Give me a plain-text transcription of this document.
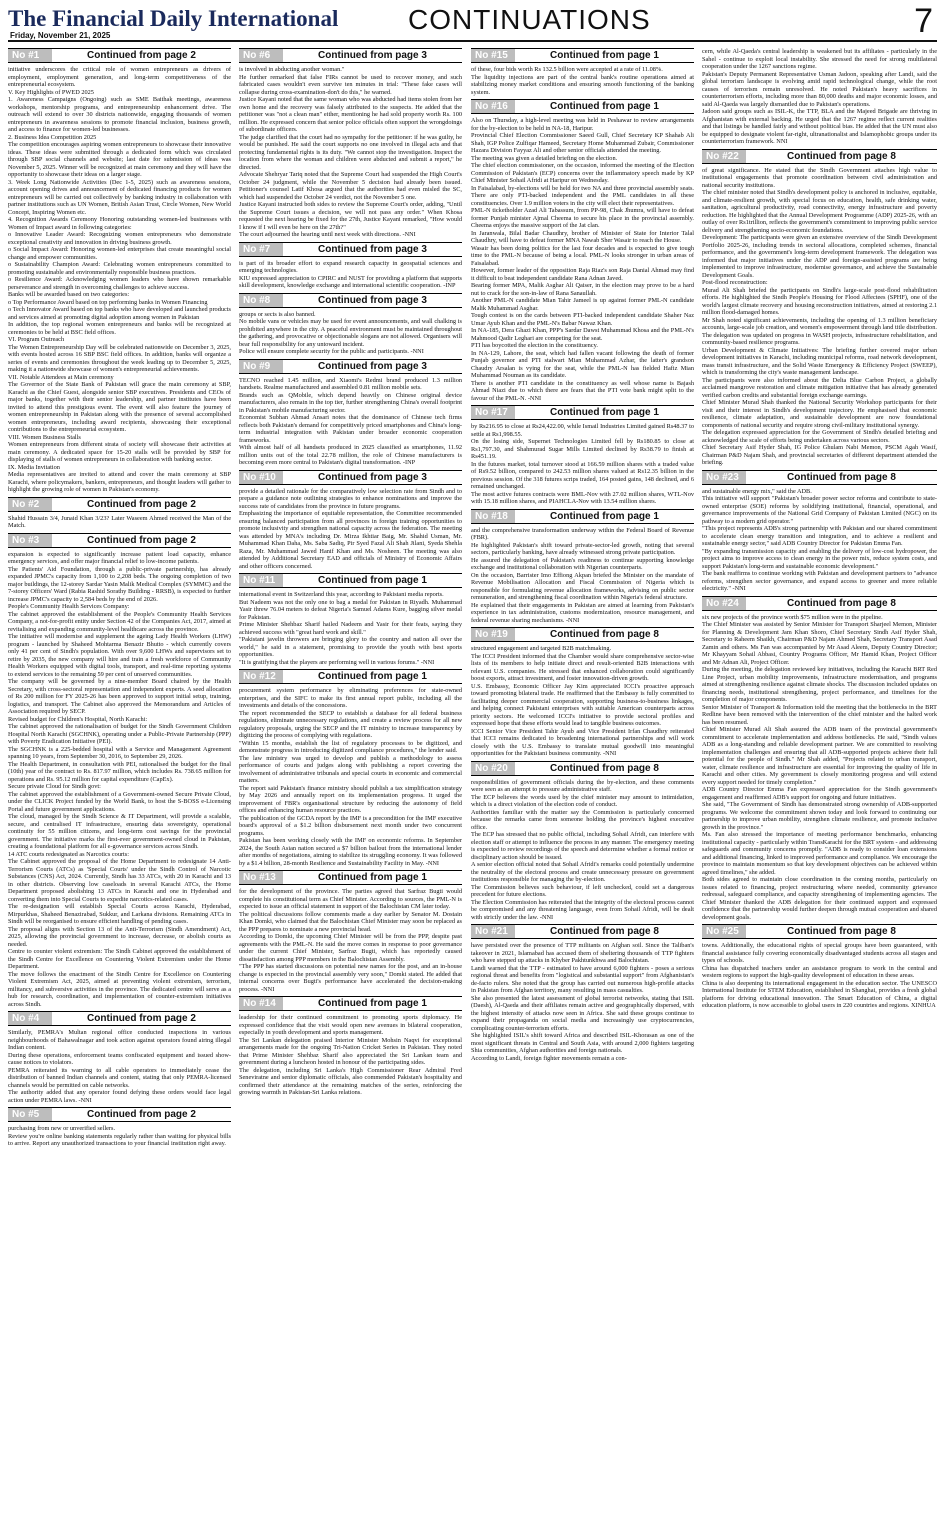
The Financial Daily International
Friday, November 21, 2025
CONTINUATIONS	7
No #1	Continued from page 2

initiative underscores the critical role of women entrepreneurs as drivers of employment, employment generation, and long-term competitiveness of the entrepreneurial ecosystem.

V. Key Highlights of PWED 2025

1. Awareness Campaigns (Ongoing) such as SME Baithak meetings, awareness workshops, mentorship programs, and entrepreneurship enhancement drive. The outreach will extend to over 30 districts nationwide, engaging thousands of women entrepreneurs in awareness sessions to promote financial inclusion, business growth, and access to finance for women-led businesses.

2. Business Idea Competition 2025

The competition encourages aspiring women entrepreneurs to showcase their innovative ideas. These ideas were submitted through a dedicated form which was circulated through SBP social channels and website; last date for submission of ideas was November 5, 2025. Winner will be recognized at main ceremony and they will have the opportunity to showcase their ideas on a larger stage.

3. Week Long Nationwide Activities (Dec 1-5, 2025) such as awareness sessions, account opening drives and announcement of dedicated financing products for women entrepreneurs will be carried out collectively by banking industry in collaboration with partner institutions such as UN Women, British Asian Trust, Circle Women, New World Concept, Inspiring Women etc.

4. Recognition Awards Ceremony Honoring outstanding women-led businesses with Women of Impact award in following categories:

o Innovative Leader Award: Recognizing women entrepreneurs who demonstrate exceptional creativity and innovation in driving business growth.

o Social Impact Award: Honoring women-led enterprises that create meaningful social change and empower communities.

o Sustainability Champion Award: Celebrating women entrepreneurs committed to promoting sustainable and environmentally responsible business practices.

o Resilience Award: Acknowledging women leaders who have shown remarkable perseverance and strength in overcoming challenges to achieve success.

Banks will be awarded based on two categories:

o Top Performance Award based on top performing banks in Women Financing

o Tech Innovator Award based on top banks who have developed and launched products and services aimed at promoting digital adoption among women in Pakistan

In addition, the top regional women entrepreneurs and banks will be recognized at ceremonies to be held at BSC field offices.

VI. Program Outreach

The Women Entrepreneurship Day will be celebrated nationwide on December 3, 2025, with events hosted across 16 SBP BSC field offices. In addition, banks will organize a series of events and ceremonies throughout the week leading up to December 5, 2025, making it a nationwide showcase of women's entrepreneurial achievements.

VII. Notable Attendees at Main ceremony

The Governor of the State Bank of Pakistan will grace the main ceremony at SBP, Karachi as the Chief Guest, alongside senior SBP executives. Presidents and CEOs of major banks, together with their senior leadership, and partner institutes have been invited to attend this prestigious event. The event will also feature the journey of women entrepreneurship in Pakistan along with the presence of several accomplished women entrepreneurs, including award recipients, showcasing their exceptional contributions to the entrepreneurial ecosystem.

VIII. Women Business Stalls

Women entrepreneurs from different strata of society will showcase their activities at main ceremony. A dedicated space for 15-20 stalls will be provided by SBP for displaying of stalls of women entrepreneurs in collaboration with banking sector.

IX. Media Invitation

Media representatives are invited to attend and cover the main ceremony at SBP Karachi, where policymakers, bankers, entrepreneurs, and thought leaders will gather to highlight the growing role of women in Pakistan's economy.

No #2	Continued from page 2

Shahid Hussain 3/4, Junaid Khan 3/23? Later Waseem Ahmed received the Man of the Match.

No #3	Continued from page 2

expansion is expected to significantly increase patient load capacity, enhance emergency services, and offer major financial relief to low-income patients.

The Patients' Aid Foundation, through a public-private partnership, has already expanded JPMC's capacity from 1,100 to 2,208 beds. The ongoing completion of two major buildings, the 12-storey Sardar Yasin Malik Medical Complex (SYMMC) and the 7-storey Officers' Ward (Rabia Rashid Sorathy Building - RRSB), is expected to further increase JPMC's capacity to 2,584 beds by the end of 2026.

People's Community Health Services Company:

The cabinet approved the establishment of the People's Community Health Services Company, a not-for-profit entity under Section 42 of the Companies Act, 2017, aimed at revitalising and expanding community-level healthcare across the province.

The initiative will modernise and supplement the ageing Lady Health Workers (LHW) program - launched by Shaheed Mohtarma Benazir Bhutto - which currently covers only 41 per cent of Sindh's population. With over 9,600 LHWs and supervisors set to retire by 2035, the new company will hire and train a fresh workforce of Community Health Workers equipped with digital tools, transport, and real-time reporting systems to extend services to the remaining 59 per cent of unserved communities.

The company will be governed by a nine-member Board chaired by the Health Secretary, with cross-sectoral representation and independent experts. A seed allocation of Rs 200 million for FY 2025-26 has been approved to support initial setup, training, logistics, and transport. The Cabinet also approved the Memorandum and Articles of Association required by SECP.

Revised budget for Children's Hospital, North Karachi:

The cabinet approved the rationalisation of budget for the Sindh Government Children Hospital North Karachi (SGCHNK), operating under a Public-Private Partnership (PPP) with Poverty Eradication Initiative (PEI).

The SGCHNK is a 225-bedded hospital with a Service and Management Agreement spanning 10 years, from September 30, 2016, to September 29, 2026.

The Health Department, in consultation with PEI, rationalised the budget for the final (10th) year of the contract to Rs. 817.97 million, which includes Rs. 738.65 million for operations and Rs. 95.12 million for capital expenditure (CapEx).

Secure private Cloud for Sindh govt:

The cabinet approved the establishment of a Government-owned Secure Private Cloud, under the CLICK Project funded by the World Bank, to host the S-BOSS e-Licensing Portal and future government applications.

The cloud, managed by the Sindh Science & IT Department, will provide a scalable, secure, and centralised IT infrastructure, ensuring data sovereignty, operational continuity for 55 million citizens, and long-term cost savings for the provincial government. The initiative marks the first-ever government-owned cloud in Pakistan, creating a foundational platform for all e-governance services across Sindh.

14 ATC courts redesignated as Narcotics courts:

The Cabinet approved the proposal of the Home Department to redesignate 14 Anti-Terrorism Courts (ATCs) as 'Special Courts' under the Sindh Control of Narcotic Substances (CNS) Act, 2024. Currently, Sindh has 33 ATCs, with 20 in Karachi and 13 in other districts. Observing low caseloads in several Karachi ATCs, the Home Department proposed abolishing 13 ATCs in Karachi and one in Hyderabad and converting them into Special Courts to expedite narcotics-related cases.

The re-designation will establish Special Courts across Karachi, Hyderabad, Mirpurkhas, Shaheed Benazirabad, Sukkur, and Larkana divisions. Remaining ATCs in Sindh will be reorganised to ensure efficient handling of pending cases.

The proposal aligns with Section 13 of the Anti-Terrorism (Sindh Amendment) Act, 2025, allowing the provincial government to increase, decrease, or abolish courts as needed.

Centre to counter violent extremism: The Sindh Cabinet approved the establishment of the Sindh Centre for Excellence on Countering Violent Extremism under the Home Department.

The move follows the enactment of the Sindh Centre for Excellence on Countering Violent Extremism Act, 2025, aimed at preventing violent extremism, terrorism, militancy, and subversive activities in the province. The dedicated centre will serve as a hub for research, coordination, and implementation of counter-extremism initiatives across Sindh.

No #4	Continued from page 2

Similarly, PEMRA's Multan regional office conducted inspections in various neighbourhoods of Bahawalnagar and took action against operators found airing illegal Indian content.

During these operations, enforcement teams confiscated equipment and issued show-cause notices to violators.

PEMRA reiterated its warning to all cable operators to immediately cease the distribution of banned Indian channels and content, stating that only PEMRA-licensed channels would be permitted on cable networks.

The authority added that any operator found defying these orders would face legal action under PEMRA laws. -NNI

No #5	Continued from page 2

purchasing from new or unverified sellers.

Review you're online banking statements regularly rather than waiting for physical bills to arrive. Report any unauthorized transactions to your financial institution right away.

No #6	Continued from page 3

is involved in abducting another woman."

He further remarked that false FIRs cannot be used to recover money, and such fabricated cases wouldn't even survive ten minutes in trial: "These fake cases will collapse during cross-examination-don't do this," he warned.

Justice Kayani noted that the same woman who was abducted had items stolen from her own home and the recovery was falsely attributed to the suspects. He added that the petitioner was "not a clean man" either, mentioning he had sold property worth Rs. 100 million. He expressed concern that senior police officials often support the wrongdoings of subordinate officers.

The judge clarified that the court had no sympathy for the petitioner: if he was guilty, he would be punished. He said the court supports no one involved in illegal acts and that protecting fundamental rights is its duty. "We cannot stop the investigation. Inspect the location from where the woman and children were abducted and submit a report," he directed.

Advocate Shehryar Tariq noted that the Supreme Court had suspended the High Court's October 24 judgment, while the November 5 decision had already been issued. Petitioner's counsel Latif Khosa argued that the authorities had even misled the SC, which had suspended the October 24 verdict, not the November 5 one.

Justice Kayani instructed both sides to review the Supreme Court's order, adding, "Until the Supreme Court issues a decision, we will not pass any order." When Khosa requested the next hearing be fixed for the 27th, Justice Kayani remarked, "How would I know if I will even be here on the 27th?"

The court adjourned the hearing until next week with directions. -NNI

No #7	Continued from page 3

is part of its broader effort to expand research capacity in geospatial sciences and emerging technologies.

KIU expressed appreciation to CPIRC and NUST for providing a platform that supports skill development, knowledge exchange and international scientific cooperation. -INP

No #8	Continued from page 3

groups or sects is also banned.

No mobile vans or vehicles may be used for event announcements, and wall chalking is prohibited anywhere in the city. A peaceful environment must be maintained throughout the gathering, and provocative or objectionable slogans are not allowed. Organisers will bear full responsibility for any untoward incident.

Police will ensure complete security for the public and participants. -NNI

No #9	Continued from page 3

TECNO reached 1.45 million, and Xiaomi's Redmi brand produced 1.3 million handsets. Realme manufactured and assembled 0.81 million mobile sets.

Brands such as QMobile, which depend heavily on Chinese original device manufacturers, also remain in the top tier, further strengthening China's overall footprint in Pakistan's mobile manufacturing sector.

Economist Subhan Ahmad Ansari notes that the dominance of Chinese tech firms reflects both Pakistan's demand for competitively priced smartphones and China's long-term industrial integration with Pakistan under broader economic cooperation frameworks.

With almost half of all handsets produced in 2025 classified as smartphones, 11.92 million units out of the total 22.78 million, the role of Chinese manufacturers is becoming even more central to Pakistan's digital transformation. -INP

No #10	Continued from page 3

provide a detailed rationale for the comparatively low selection rate from Sindh and to prepare a guidance note outlining strategies to enhance nominations and improve the success rate of candidates from the province in future programs.

Emphasizing the importance of equitable representation, the Committee recommended ensuring balanced participation from all provinces in foreign training opportunities to promote inclusivity and strengthen national capacity across the federation. The meeting was attended by MNA's including Dr. Mirza Ikhtiar Baig, Mr. Shahid Usman, Mr. Muhammad Khan Daha, Ms. Saba Sadiq, Pir Syed Fazal Ali Shah Jilani, Syeda Shehla Raza, Mr. Muhammad Jawed Hanif Khan and Ms. Nosheen. The meeting was also attended by Additional Secretary EAD and officials of Ministry of Economic Affairs and other officers concerned.

No #11	Continued from page 1

international event in Switzerland this year, according to Pakistani media reports.

But Nadeem was not the only one to bag a medal for Pakistan in Riyadh. Muhammad Yasir threw 76.04 meters to defeat Nigeria's Samuel Adams Kure, bagging silver medal for Pakistan.

Prime Minister Shehbaz Sharif hailed Nadeem and Yasir for their feats, saying they achieved success with "great hard work and skill."

"Pakistani javelin throwers are bringing glory to the country and nation all over the world," he said in a statement, promising to provide the youth with best sports opportunities.

"It is gratifying that the players are performing well in various forums." -NNI

No #12	Continued from page 1

procurement system performance by eliminating preferences for state-owned enterprises, and the SIFC to make its first annual report public, including all the investments and details of the concessions.

The report recommended the SECP to establish a database for all federal business regulations, eliminate unnecessary regulations, and create a review process for all new regulatory proposals, urging the SECP and the IT ministry to increase transparency by digitizing the process of complying with regulations.

"Within 15 months, establish the list of regulatory processes to be digitized, and demonstrate progress in introducing digitized compliance procedures," the lender said.

The law ministry was urged to develop and publish a methodology to assess performance of courts and judges along with publishing a report covering the involvement of administrative tribunals and special courts in economic and commercial matters.

The report said Pakistan's finance ministry should publish a tax simplification strategy by May 2026 and annually report on its implementation progress. It urged the improvement of FBR's organisational structure by reducing the autonomy of field offices and enhancing human resource practices.

The publication of the GCDA report by the IMF is a precondition for the IMF executive board's approval of a $1.2 billion disbursement next month under two concurrent programs.

Pakistan has been working closely with the IMF on economic reforms. In September 2024, the South Asian nation secured a $7 billion bailout from the international lender after months of negotiations, aiming to stabilize its struggling economy. It was followed by a $1.4 billion, 28-month Resilience and Sustainability Facility in May. -NNI

No #13	Continued from page 1

for the development of the province. The parties agreed that Sarfraz Bugti would complete his constitutional term as Chief Minister. According to sources, the PML-N is expected to issue an official statement in support of the Balochistan CM later today.

The political discussions follow comments made a day earlier by Senator M. Dostain Khan Domki, who claimed that the Balochistan Chief Minister may soon be replaced as the PPP prepares to nominate a new provincial head.

According to Domki, the upcoming Chief Minister will be from the PPP, despite past agreements with the PML-N. He said the move comes in response to poor governance under the current Chief Minister, Sarfraz Bugti, which has reportedly caused dissatisfaction among PPP members in the Balochistan Assembly.

"The PPP has started discussions on potential new names for the post, and an in-house change is expected in the provincial assembly very soon," Domki stated. He added that internal concerns over Bugti's performance have accelerated the decision-making process. -NNI

No #14	Continued from page 1

leadership for their continued commitment to promoting sports diplomacy. He expressed confidence that the visit would open new avenues in bilateral cooperation, especially in youth development and sports management.

The Sri Lankan delegation praised Interior Minister Mohsin Naqvi for exceptional arrangements made for the ongoing Tri-Nation Cricket Series in Pakistan. They noted that Prime Minister Shehbaz Sharif also appreciated the Sri Lankan team and government during a luncheon hosted in honour of the participating sides.

The delegation, including Sri Lanka's High Commissioner Rear Admiral Fred Seneviratne and senior diplomatic officials, also commended Pakistan's hospitality and confirmed their attendance at the remaining matches of the series, reinforcing the growing warmth in Pakistan-Sri Lanka relations.

No #15	Continued from page 1

of these, four bids worth Rs 132.5 billion were accepted at a rate of 11.08%.

The liquidity injections are part of the central bank's routine operations aimed at stabilizing money market conditions and ensuring smooth functioning of the banking system.

No #16	Continued from page 1

Also on Thursday, a high-level meeting was held in Peshawar to review arrangements for the by-election to be held in NA-18, Haripur.

Provincial Chief Election Commissioner Saeed Gull, Chief Secretary KP Shahab Ali Shah, IGP Police Zulfiqar Hameed, Secretary Home Muhammad Zubair, Commissioner Hazara Division Fayyaz Ali and other senior officials attended the meeting.

The meeting was given a detailed briefing on the election.

The chief election commissioner, on the occasion, informed the meeting of the Election Commission of Pakistan's (ECP) concerns over the inflammatory speech made by KP Chief Minister Sohail Afridi at Haripur on Wednesday.

In Faisalabad, by-elections will be held for two NA and three provincial assembly seats. There are only PTI-backed independent and the PML candidates in all these constituencies. Over 1.9 million voters in the city will elect their representatives.

PML-N ticketholder Azad Ali Tabassum, from PP-98, Chak Jhumra, will have to defeat former Punjab minister Ajmal Cheema to secure his place in the provincial assembly. Cheema enjoys the massive support of the Jat clan.

In Jaranwala, Bilal Badar Chaudhry, brother of Minister of State for Interior Talal Chaudhry, will have to defeat former MNA Nawab Sher Wasair to reach the House.

Wasair has been doing politics for the last four decades and is expected to give tough time to the PML-N because of being a local. PML-N looks stronger in urban areas of Faisalabad.

However, former leader of the opposition Raja Riaz's son Raja Danial Ahmad may find it difficult to beat independent candidate Rana Adnan Javed.

Bearing former MPA, Malik Asghar Ali Qaiser, in the election may prove to be a hard nut to crack for the son-in-law of Rana Sanaullah.

Another PML-N candidate Mian Tahir Jameel is up against former PML-N candidate Malik Muhammad Asghar.

Tough contest is on the cards between PTI-backed independent candidate Shaher Naz Umar Ayub Khan and the PML-N's Babar Nawaz Khan.

In NA-185, Dera Ghazi Khan, PPP's Sardar Dawst Muhammad Khosa and the PML-N's Mahmood Qadir Leghari are competing for the seat.

PTI has boycotted the election in the constituency.

In NA-129, Lahore, the seat, which had fallen vacant following the death of former Punjab governor and PTI stalwart Mian Muhammad Azhar, the latter's grandson Chaudry Arsalan is vying for the seat, while the PML-N has fielded Hafiz Mian Muhammad Nouman as its candidate.

There is another PTI candidate in the constituency as well whose name is Bajash Ahmad Niazi due to which there are fears that the PTI vote bank might split to the favour of the PML-N. -NNI

No #17	Continued from page 1

by Rs216.95 to close at Rs24,422.00, while Ismail Industries Limited gained Rs48.37 to settle at Rs1,998.55.

On the losing side, Supernet Technologies Limited fell by Rs180.85 to close at Rs1,797.30, and Shahmurad Sugar Mills Limited declined by Rs38.79 to finish at Rs451.19.

In the futures market, total turnover stood at 166.59 million shares with a traded value of Rs9.52 billion, compared to 242.53 million shares valued at Rs12.35 billion in the previous session. Of the 318 futures scrips traded, 164 posted gains, 148 declined, and 6 remained unchanged.

The most active futures contracts were BML-Nov with 27.02 million shares, WTL-Nov with 15.18 million shares, and PIAHCLA-Nov with 13.54 million shares.

No #18	Continued from page 1

and the comprehensive transformation underway within the Federal Board of Revenue (FBR).

He highlighted Pakistan's shift toward private-sector-led growth, noting that several sectors, particularly banking, have already witnessed strong private participation.

He assured the delegation of Pakistan's readiness to continue supporting knowledge exchange and institutional collaboration with Nigerian counterparts.

On the occasion, Barrister Imo Effiong Akpan briefed the Minister on the mandate of Revenue Mobilisation Allocation and Fiscal Commission of Nigeria which is responsible for formulating revenue allocation frameworks, advising on public sector remuneration, and strengthening fiscal coordination within Nigeria's federal structure.

He explained that their engagements in Pakistan are aimed at learning from Pakistan's experience in tax administration, customs modernization, resource management, and federal revenue sharing mechanisms. -NNI

No #19	Continued from page 8

structured engagement and targeted B2B matchmaking.

The ICCI President informed that the Chamber would share comprehensive sector-wise lists of its members to help initiate direct and result-oriented B2B interactions with relevant U.S. companies. He stressed that enhanced collaboration could significantly boost exports, attract investment, and foster innovation-driven growth.

U.S. Embassy, Economic Officer Jay Kim appreciated ICCI's proactive approach toward promoting bilateral trade. He reaffirmed that the Embassy is fully committed to facilitating deeper commercial cooperation, supporting business-to-business linkages, and helping connect Pakistani enterprises with suitable American counterparts across priority sectors. He welcomed ICCI's initiative to provide sectoral profiles and expressed hope that these efforts would lead to tangible business outcomes.

ICCI Senior Vice President Tahir Ayub and Vice President Irfan Chaudhry reiterated that ICCI remains dedicated to broadening international partnerships and will work closely with the U.S. Embassy to translate mutual goodwill into meaningful opportunities for the Pakistani business community. -NNI

No #20	Continued from page 8

responsibilities of government officials during the by-election, and these comments were seen as an attempt to pressure administrative staff.

The ECP believes the words used by the chief minister may amount to intimidation, which is a direct violation of the election code of conduct.

Authorities familiar with the matter say the Commission is particularly concerned because the remarks came from someone holding the province's highest executive office.

The ECP has stressed that no public official, including Sohail Afridi, can interfere with election staff or attempt to influence the process in any manner. The emergency meeting is expected to review recordings of the speech and determine whether a formal notice or disciplinary action should be issued.

A senior election official noted that Sohail Afridi's remarks could potentially undermine the neutrality of the electoral process and create unnecessary pressure on government institutions responsible for managing the by-election.

The Commission believes such behaviour, if left unchecked, could set a dangerous precedent for future elections.

The Election Commission has reiterated that the integrity of the electoral process cannot be compromised and any threatening language, even from Sohail Afridi, will be dealt with strictly under the law. -NNI

No #21	Continued from page 8

have persisted over the presence of TTP militants on Afghan soil. Since the Taliban's takeover in 2021, Islamabad has accused them of sheltering thousands of TTP fighters who have stepped up attacks in Khyber Pakhtunkhwa and Balochistan.

Landi warned that the TTP - estimated to have around 6,000 fighters - poses a serious regional threat and benefits from "logistical and substantial support" from Afghanistan's de-facto rulers. She noted that the group has carried out numerous high-profile attacks in Pakistan from Afghan territory, many resulting in mass casualties.

She also presented the latest assessment of global terrorist networks, stating that ISIL (Daesh), Al-Qaeda and their affiliates remain active and geographically dispersed, with the highest intensity of attacks now seen in Africa. She said these groups continue to expand their propaganda on social media and increasingly use cryptocurrencies, complicating counter-terrorism efforts.

She highlighted ISIL's shift toward Africa and described ISIL-Khorasan as one of the most significant threats in Central and South Asia, with around 2,000 fighters targeting Shia communities, Afghan authorities and foreign nationals.

According to Landi, foreign fighter movements remain a con-

cern, while Al-Qaeda's central leadership is weakened but its affiliates - particularly in the Sahel - continue to exploit local instability. She stressed the need for strong multilateral cooperation under the 1267 sanctions regime.

Pakistan's Deputy Permanent Representative Usman Jadoon, speaking after Landi, said the global terrorism landscape is evolving amid rapid technological change, while the root causes of terrorism remain unresolved. He noted Pakistan's heavy sacrifices in counterterrorism efforts, including more than 80,000 deaths and major economic losses, and said Al-Qaeda was largely dismantled due to Pakistan's operations.

Jadoon said groups such as ISIL-K, the TTP, BLA and the Majeed Brigade are thriving in Afghanistan with external backing. He urged that the 1267 regime reflect current realities and that listings be handled fairly and without political bias. He added that the UN must also be equipped to designate violent far-right, ultranationalist and Islamophobic groups under its counterterrorism framework. NNI

No #22	Continued from page 8

of great significance. He stated that the Sindh Government attaches high value to institutional engagements that promote coordination between civil administration and national security institutions.

The chief minister noted that Sindh's development policy is anchored in inclusive, equitable, and climate-resilient growth, with special focus on education, health, safe drinking water, sanitation, agricultural productivity, road connectivity, energy infrastructure and poverty reduction. He highlighted that the Annual Development Programme (ADP) 2025-26, with an outlay of over Rs1trillion, reflects the government's commitment to improving public service delivery and strengthening socio-economic foundations.

Development: The participants were given an extensive overview of the Sindh Development Portfolio 2025-26, including trends in sectoral allocations, completed schemes, financial performance, and the government's long-term development framework. The delegation was informed that major initiatives under the ADP and foreign-assisted programs are being implemented to improve infrastructure, modernise governance, and achieve the Sustainable Development Goals.

Post-flood reconstruction:

Murad Ali Shah briefed the participants on Sindh's large-scale post-flood rehabilitation efforts. He highlighted the Sindh People's Housing for Flood Affectees (SPHF), one of the world's largest climate recovery and housing reconstruction initiatives, aimed at restoring 2.1 million flood-damaged homes.

Mr Shah noted significant achievements, including the opening of 1.3 million beneficiary accounts, large-scale job creation, and women's empowerment through land title distribution. The delegation was updated on progress in WASH projects, infrastructure rehabilitation, and community-based resilience programs.

Urban Development & Climate Initiatives: The briefing further covered major urban development initiatives in Karachi, including municipal reforms, road network development, mass transit infrastructure, and the Solid Waste Emergency & Efficiency Project (SWEEP), which is transforming the city's waste management landscape.

The participants were also informed about the Delta Blue Carbon Project, a globally acclaimed mangrove restoration and climate mitigation initiative that has already generated verified carbon credits and substantial foreign exchange earnings.

Chief Minister Murad Shah thanked the National Security Workshop participants for their visit and their interest in Sindh's development trajectory. He emphasised that economic resilience, climate adaptation, and sustainable development are now foundational components of national security and require strong civil-military institutional synergy.

The delegation expressed appreciation for the Government of Sindh's detailed briefing and acknowledged the scale of efforts being undertaken across various sectors.

Chief Secretary Asif Hyder Shah, IG Police Ghulam Nabi Memon, PSCM Agah Wasif, Chairman P&D Najam Shah, and provincial secretaries of different department attended the briefing.

No #23	Continued from page 8

and sustainable energy mix," said the ADB.

This initiative will support "Pakistan's broader power sector reforms and contribute to state-owned enterprise (SOE) reforms by solidifying institutional, financial, operational, and governance improvements of the National Grid Company of Pakistan Limited (NGC) on its pathway to a modern grid operator."

"This project represents ADB's strong partnership with Pakistan and our shared commitment to accelerate clean energy transition and integration, and to achieve a resilient and sustainable energy sector," said ADB Country Director for Pakistan Emma Fan.

"By expanding transmission capacity and enabling the delivery of low-cost hydropower, the project aims to improve access to clean energy in the power mix, reduce system costs, and support Pakistan's long-term and sustainable economic development."

The bank reaffirms to continue working with Pakistan and development partners to "advance reforms, strengthen sector governance, and expand access to greener and more reliable electricity." -NNI

No #24	Continued from page 8

six new projects of the province worth $75 million were in the pipeline.

The Chief Minister was assisted by Senior Minister for Transport Sharjeel Memon, Minister for Planning & Development Jam Khan Shoro, Chief Secretary Sindh Asif Hyder Shah, Secretary to Raheem Shaikh, Chairman P&D Najam Ahmed Shah, Secretary Transport Asad Zamin and others. Ms Fan was accompanied by Mr Asad Aleem, Deputy Country Director; Mr Khayyam Sohail Abbasi, Country Programs Officer, Mr Hamid Khan, Project Officer and Mr Adnan Ali, Project Officer.

During the meeting, the delegation reviewed key initiatives, including the Karachi BRT Red Line Project, urban mobility improvements, infrastructure modernisation, and programs aimed at strengthening resilience against climate shocks. The discussion included updates on financing needs, institutional strengthening, project performance, and timelines for the completion of major components.

Senior Minister of Transport & Information told the meeting that the bottlenecks in the BRT Redline have been removed with the intervention of the chief minister and the halted work has been resumed.

Chief Minister Murad Ali Shah assured the ADB team of the provincial government's commitment to accelerate implementation and address bottlenecks. He said, "Sindh values ADB as a long-standing and reliable development partner. We are committed to resolving implementation challenges and ensuring that all ADB-supported projects achieve their full potential for the people of Sindh." Mr Shah added, "Projects related to urban transport, water, climate resilience and infrastructure are essential for improving the quality of life in Karachi and other cities. My government is closely monitoring progress and will extend every support needed for timely completion."

ADB Country Director Emma Fan expressed appreciation for the Sindh government's engagement and reaffirmed ADB's support for ongoing and future initiatives.

She said, "The Government of Sindh has demonstrated strong ownership of ADB-supported programs. We welcome the commitment shown today and look forward to continuing our partnership to improve urban mobility, strengthen climate resilience, and promote inclusive growth in the province."

Ms. Fan also stressed the importance of meeting performance benchmarks, enhancing institutional capacity - particularly within TransKarachi for the BRT system - and addressing safeguards and community concerns promptly. "ADB is ready to consider loan extensions and additional financing, linked to improved performance and compliance. We encourage the province to maintain momentum so that key development objectives can be achieved within agreed timelines," she added.

Both sides agreed to maintain close coordination in the coming months, particularly on issues related to financing, project restructuring where needed, community grievance redressal, safeguard compliance, and capacity strengthening of implementing agencies. The Chief Minister thanked the ADB delegation for their continued support and expressed confidence that the partnership would further deepen through mutual cooperation and shared development goals.

No #25	Continued from page 8

towns. Additionally, the educational rights of special groups have been guaranteed, with financial assistance fully covering economically disadvantaged students across all stages and types of schools.

China has dispatched teachers under an assistance program to work in the central and western regions to support the high-quality development of education in these areas.

China is also deepening its international engagement in the education sector. The UNESCO International Institute for STEM Education, established in Shanghai, provides a fresh global platform for driving educational innovation. The Smart Education of China, a digital education platform, is now accessible to global users in 220 countries and regions. XINHUA
